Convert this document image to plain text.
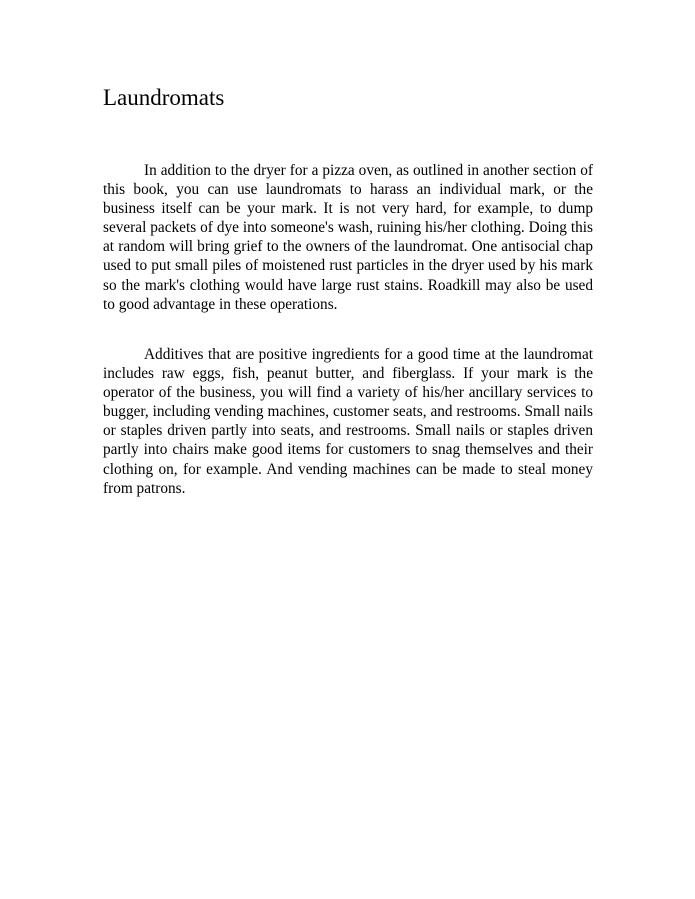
Laundromats

In addition to the dryer for a pizza oven, as outlined in another section of this book, you can use laundromats to harass an individual mark, or the business itself can be your mark. It is not very hard, for example, to dump several packets of dye into someone's wash, ruining his/her clothing. Doing this at random will bring grief to the owners of the laundromat. One antisocial chap used to put small piles of moistened rust particles in the dryer used by his mark so the mark's clothing would have large rust stains. Roadkill may also be used to good advantage in these operations.

Additives that are positive ingredients for a good time at the laundromat includes raw eggs, fish, peanut butter, and fiberglass. If your mark is the operator of the business, you will find a variety of his/her ancillary services to bugger, including vending machines, customer seats, and restrooms. Small nails or staples driven partly into seats, and restrooms. Small nails or staples driven partly into chairs make good items for customers to snag themselves and their clothing on, for example. And vending machines can be made to steal money from patrons.
